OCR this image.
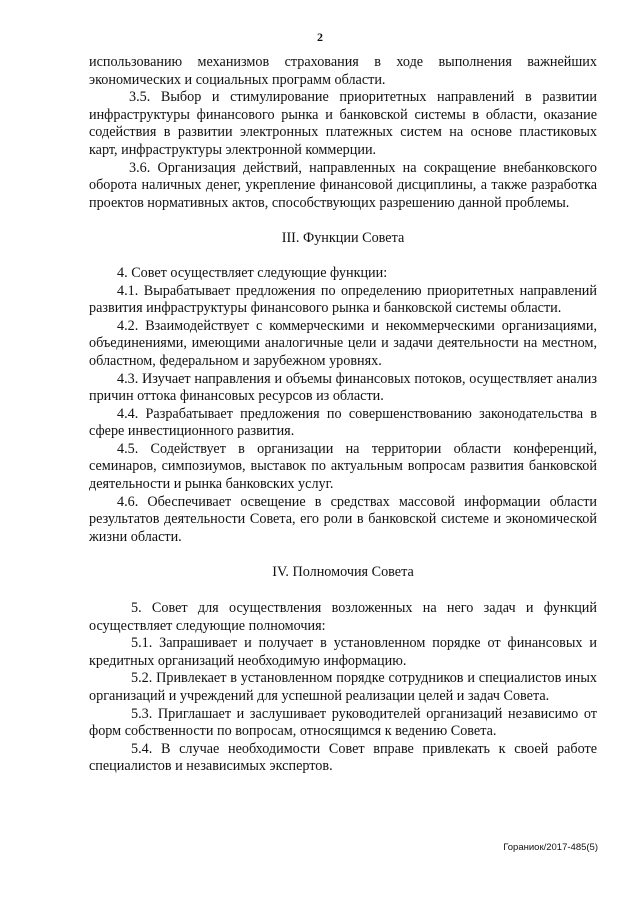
2

использованию механизмов страхования в ходе выполнения важнейших экономических и социальных программ области.

3.5. Выбор и стимулирование приоритетных направлений в развитии инфраструктуры финансового рынка и банковской системы в области, оказание содействия в развитии электронных платежных систем на основе пластиковых карт, инфраструктуры электронной коммерции.

3.6. Организация действий, направленных на сокращение внебанковского оборота наличных денег, укрепление финансовой дисциплины, а также разработка проектов нормативных актов, способствующих разрешению данной проблемы.

III. Функции Совета

4. Совет осуществляет следующие функции:

4.1. Вырабатывает предложения по определению приоритетных направлений развития инфраструктуры финансового рынка и банковской системы области.

4.2. Взаимодействует с коммерческими и некоммерческими организациями, объединениями, имеющими аналогичные цели и задачи деятельности на местном, областном, федеральном и зарубежном уровнях.

4.3. Изучает направления и объемы финансовых потоков, осуществляет анализ причин оттока финансовых ресурсов из области.

4.4. Разрабатывает предложения по совершенствованию законодательства в сфере инвестиционного развития.

4.5. Содействует в организации на территории области конференций, семинаров, симпозиумов, выставок по актуальным вопросам развития банковской деятельности и рынка банковских услуг.

4.6. Обеспечивает освещение в средствах массовой информации области результатов деятельности Совета, его роли в банковской системе и экономической жизни области.

IV. Полномочия Совета

5. Совет для осуществления возложенных на него задач и функций осуществляет следующие полномочия:

5.1. Запрашивает и получает в установленном порядке от финансовых и кредитных организаций необходимую информацию.

5.2. Привлекает в установленном порядке сотрудников и специалистов иных организаций и учреждений для успешной реализации целей и задач Совета.

5.3. Приглашает и заслушивает руководителей организаций независимо от форм собственности по вопросам, относящимся к ведению Совета.

5.4. В случае необходимости Совет вправе привлекать к своей работе специалистов и независимых экспертов.

Гораниок/2017-485(5)
